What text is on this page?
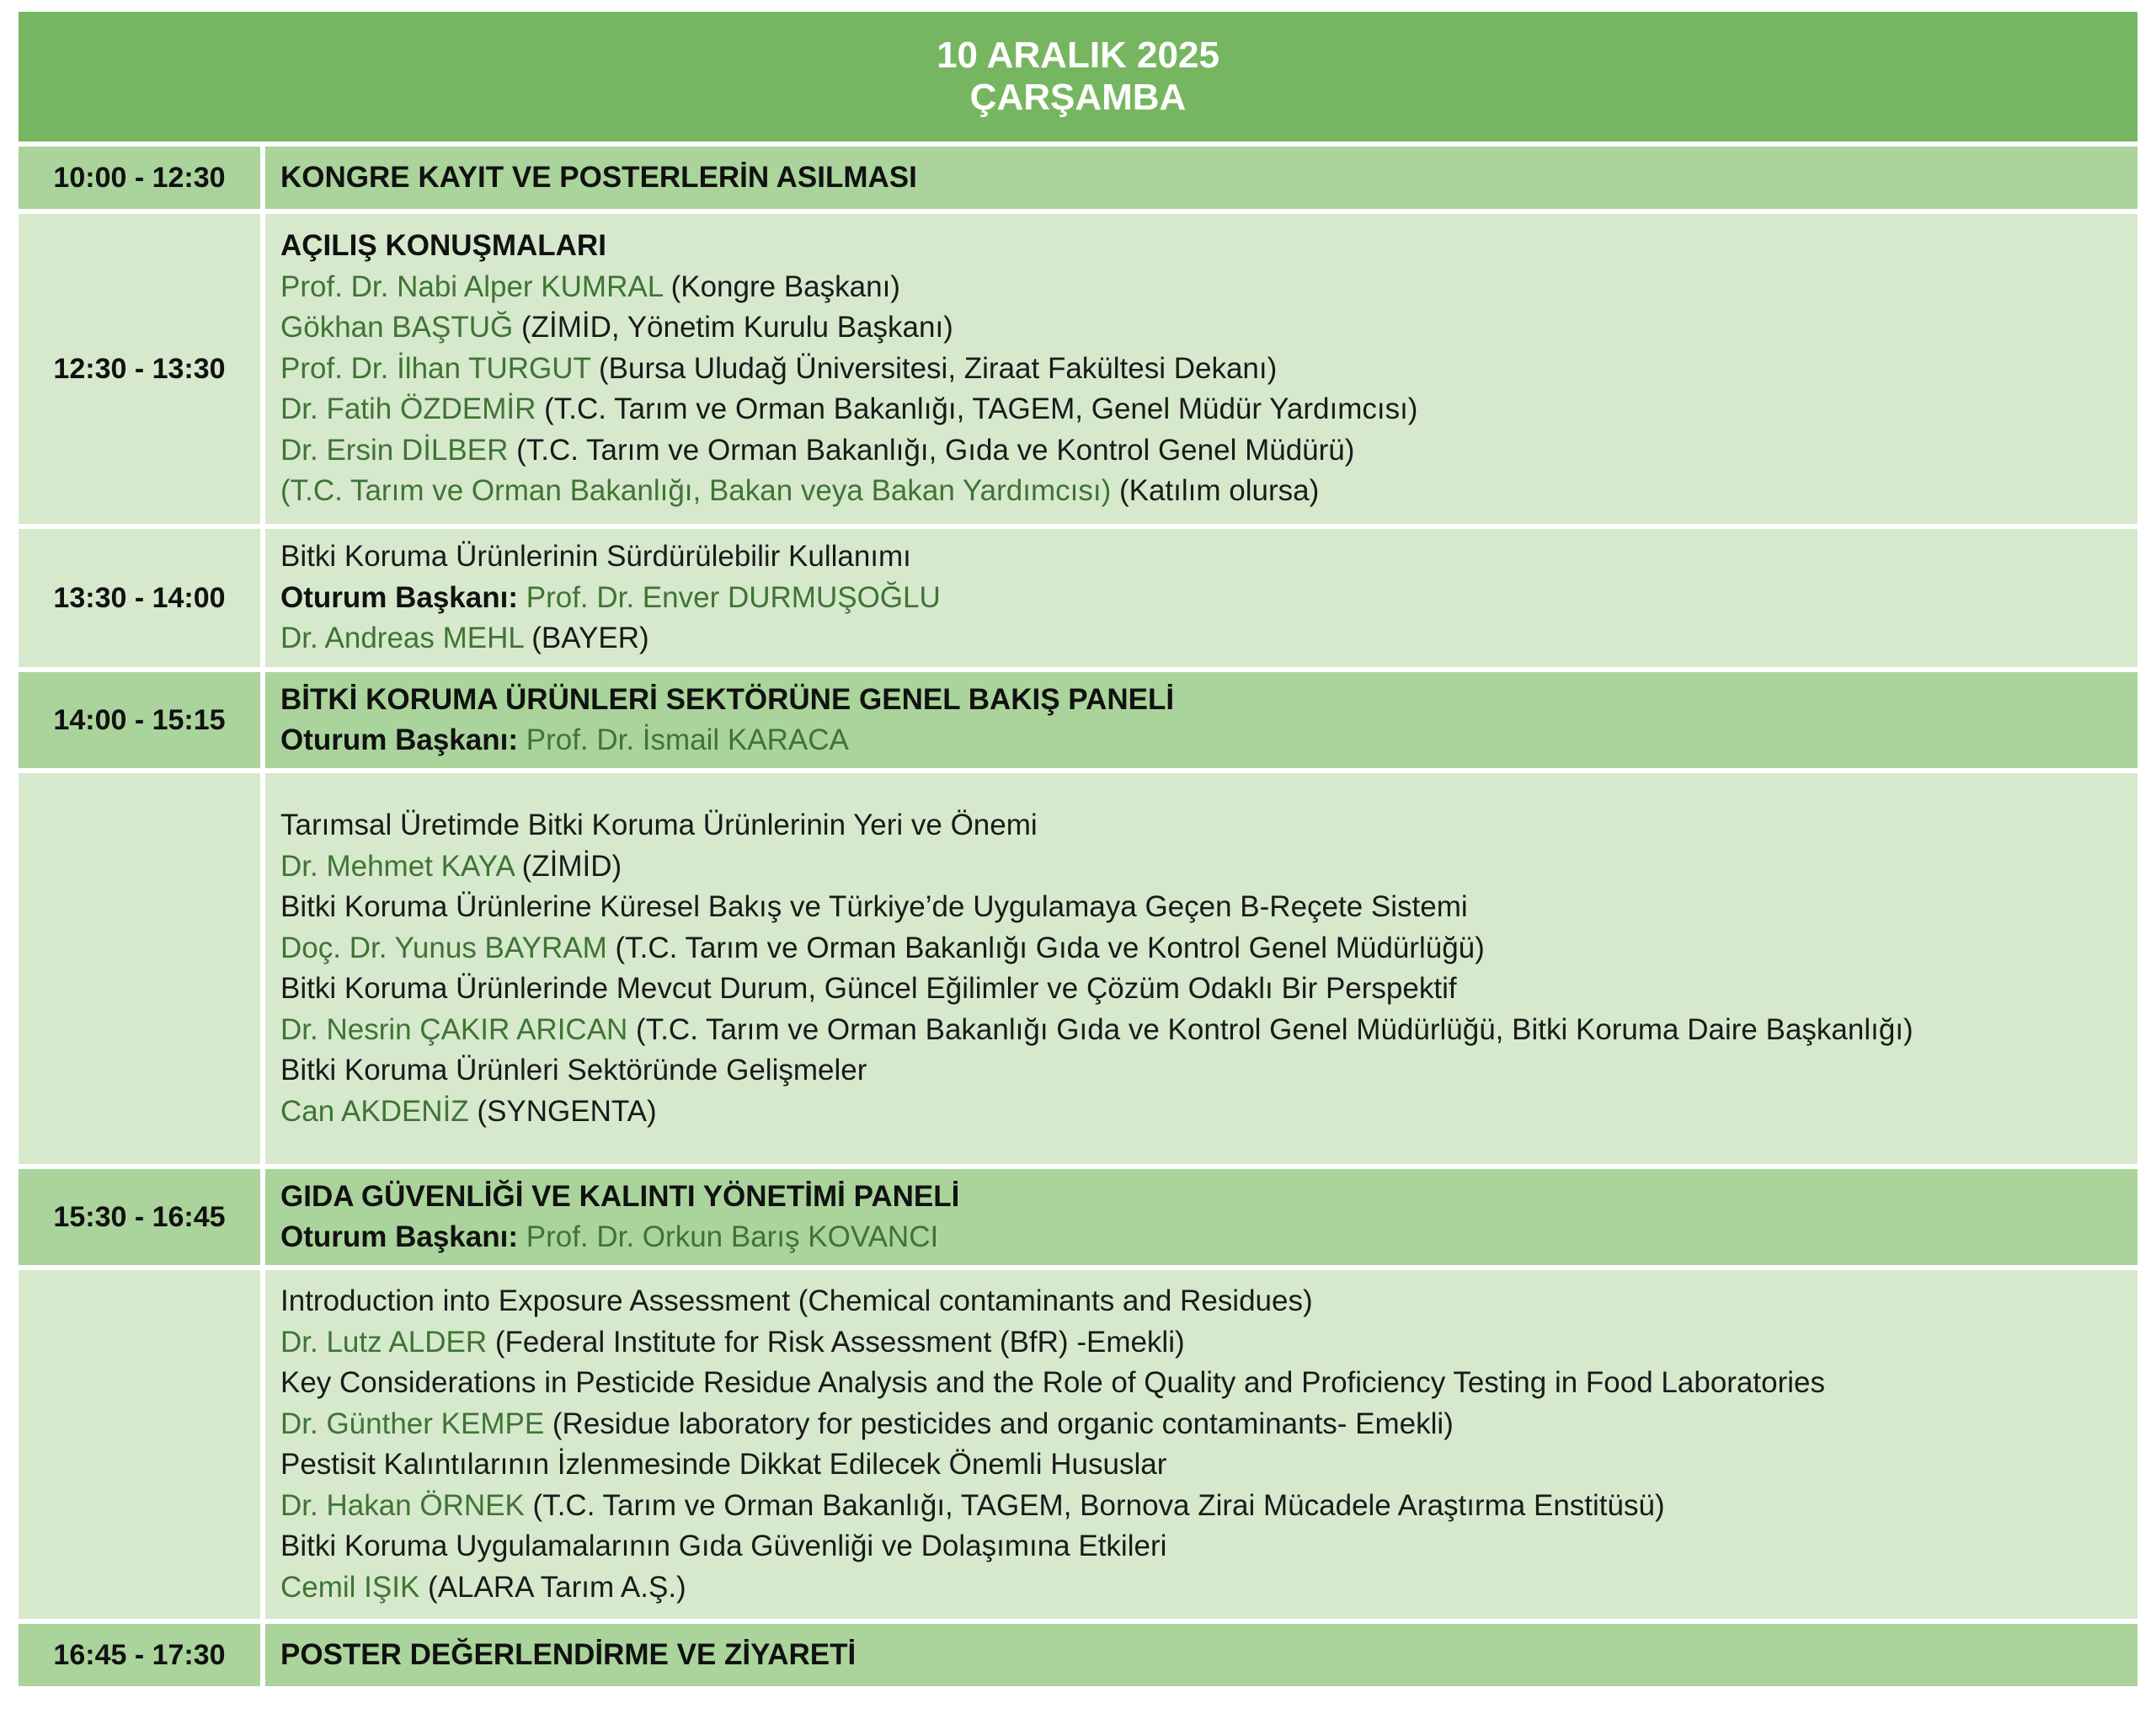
10 ARALIK 2025
ÇARŞAMBA
10:00 - 12:30	KONGRE KAYIT VE POSTERLERİN ASILMASI
12:30 - 13:30
AÇILIŞ KONUŞMALARI
Prof. Dr. Nabi Alper KUMRAL (Kongre Başkanı)
Gökhan BAŞTUĞ (ZİMİD, Yönetim Kurulu Başkanı)
Prof. Dr. İlhan TURGUT (Bursa Uludağ Üniversitesi, Ziraat Fakültesi Dekanı)
Dr. Fatih ÖZDEMİR (T.C. Tarım ve Orman Bakanlığı, TAGEM, Genel Müdür Yardımcısı)
Dr. Ersin DİLBER (T.C. Tarım ve Orman Bakanlığı, Gıda ve Kontrol Genel Müdürü)
(T.C. Tarım ve Orman Bakanlığı, Bakan veya Bakan Yardımcısı) (Katılım olursa)
13:30 - 14:00
Bitki Koruma Ürünlerinin Sürdürülebilir Kullanımı
Oturum Başkanı: Prof. Dr. Enver DURMUŞOĞLU
Dr. Andreas MEHL (BAYER)
14:00 - 15:15
BİTKİ KORUMA ÜRÜNLERİ SEKTÖRÜNE GENEL BAKIŞ PANELİ
Oturum Başkanı: Prof. Dr. İsmail KARACA
Tarımsal Üretimde Bitki Koruma Ürünlerinin Yeri ve Önemi
Dr. Mehmet KAYA (ZİMİD)
Bitki Koruma Ürünlerine Küresel Bakış ve Türkiye’de Uygulamaya Geçen B-Reçete Sistemi
Doç. Dr. Yunus BAYRAM (T.C. Tarım ve Orman Bakanlığı Gıda ve Kontrol Genel Müdürlüğü)
Bitki Koruma Ürünlerinde Mevcut Durum, Güncel Eğilimler ve Çözüm Odaklı Bir Perspektif
Dr. Nesrin ÇAKIR ARICAN (T.C. Tarım ve Orman Bakanlığı Gıda ve Kontrol Genel Müdürlüğü, Bitki Koruma Daire Başkanlığı)
Bitki Koruma Ürünleri Sektöründe Gelişmeler
Can AKDENİZ (SYNGENTA)
15:30 - 16:45
GIDA GÜVENLİĞİ VE KALINTI YÖNETİMİ PANELİ
Oturum Başkanı: Prof. Dr. Orkun Barış KOVANCI
Introduction into Exposure Assessment (Chemical contaminants and Residues)
Dr. Lutz ALDER (Federal Institute for Risk Assessment (BfR) -Emekli)
Key Considerations in Pesticide Residue Analysis and the Role of Quality and Proficiency Testing in Food Laboratories
Dr. Günther KEMPE (Residue laboratory for pesticides and organic contaminants- Emekli)
Pestisit Kalıntılarının İzlenmesinde Dikkat Edilecek Önemli Hususlar
Dr. Hakan ÖRNEK (T.C. Tarım ve Orman Bakanlığı, TAGEM, Bornova Zirai Mücadele Araştırma Enstitüsü)
Bitki Koruma Uygulamalarının Gıda Güvenliği ve Dolaşımına Etkileri
Cemil IŞIK (ALARA Tarım A.Ş.)
16:45 - 17:30	POSTER DEĞERLENDİRME VE ZİYARETİ
